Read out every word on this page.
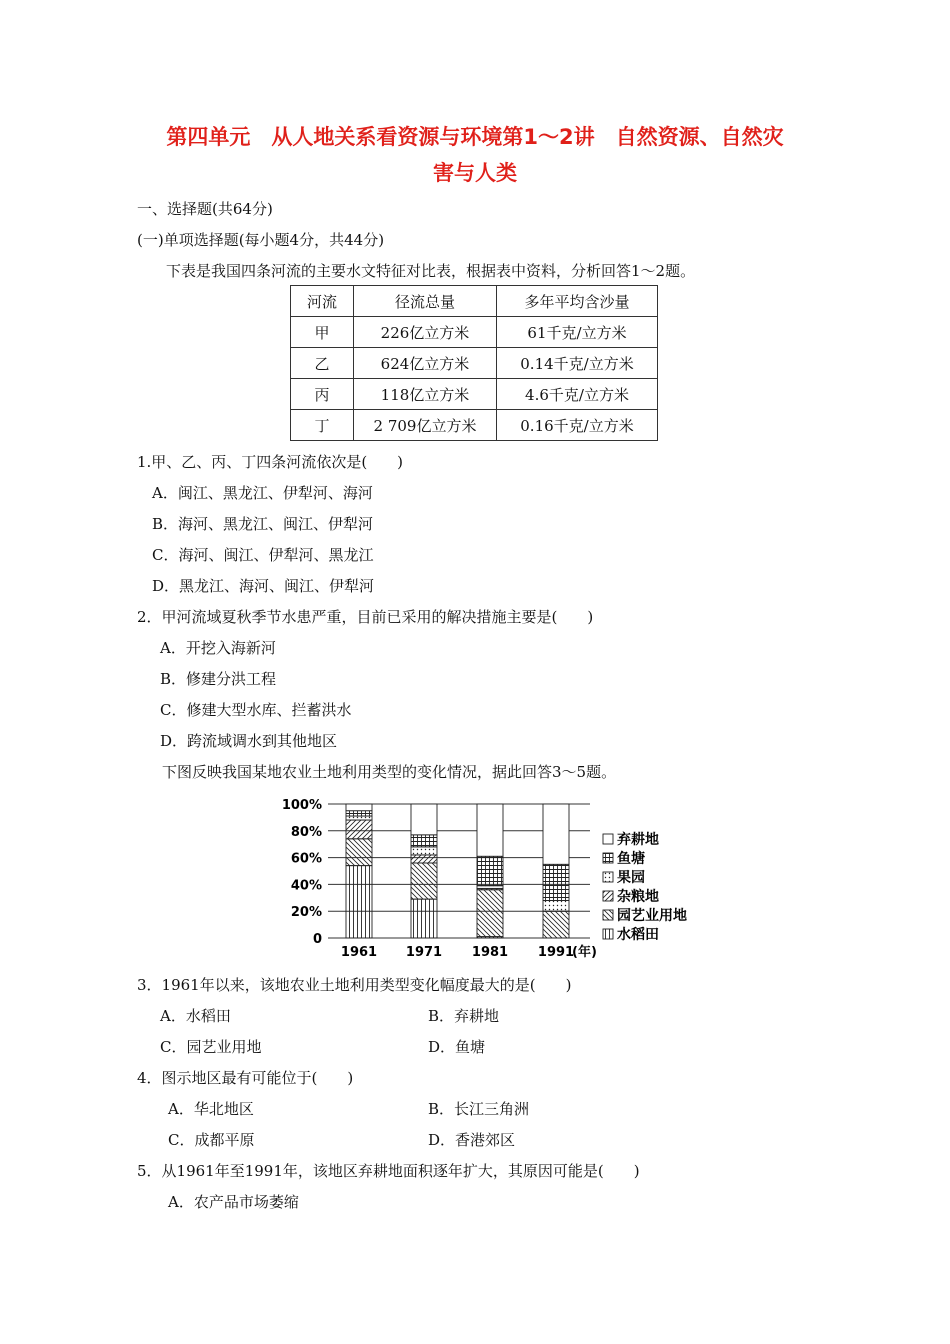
第四单元　从人地关系看资源与环境第1～2讲　自然资源、自然灾
害与人类
一、选择题(共64分)
(一)单项选择题(每小题4分，共44分)
下表是我国四条河流的主要水文特征对比表，根据表中资料，分析回答1～2题。
河流	径流总量	多年平均含沙量
甲	226亿立方米	61千克/立方米
乙	624亿立方米	0.14千克/立方米
丙	118亿立方米	4.6千克/立方米
丁	2 709亿立方米	0.16千克/立方米
1.甲、乙、丙、丁四条河流依次是(　　)
A．闽江、黑龙江、伊犁河、海河
B．海河、黑龙江、闽江、伊犁河
C．海河、闽江、伊犁河、黑龙江
D．黑龙江、海河、闽江、伊犁河
2．甲河流域夏秋季节水患严重，目前已采用的解决措施主要是(　　)
A．开挖入海新河
B．修建分洪工程
C．修建大型水库、拦蓄洪水
D．跨流域调水到其他地区
下图反映我国某地农业土地利用类型的变化情况，据此回答3～5题。
0
20%
40%
60%
80%
100%
1961 1971 1981 1991
(年)
弃耕地
鱼塘
果园
杂粮地
园艺业用地
水稻田
3．1961年以来，该地农业土地利用类型变化幅度最大的是(　　)
A．水稻田	B．弃耕地
C．园艺业用地	D．鱼塘
4．图示地区最有可能位于(　　)
A．华北地区	B．长江三角洲
C．成都平原	D．香港郊区
5．从1961年至1991年，该地区弃耕地面积逐年扩大，其原因可能是(　　)
A．农产品市场萎缩
